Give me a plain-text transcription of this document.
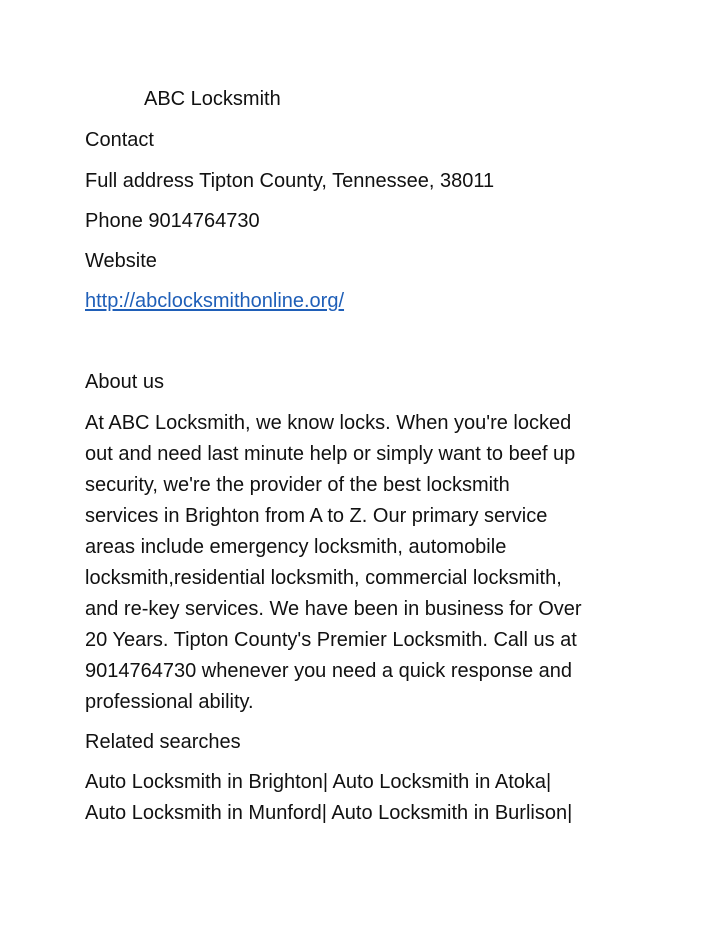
ABC Locksmith
Contact
Full address Tipton County, Tennessee, 38011
Phone 9014764730
Website
http://abclocksmithonline.org/
About us
At ABC Locksmith, we know locks. When you're locked
out and need last minute help or simply want to beef up
security, we're the provider of the best locksmith
services in Brighton from A to Z. Our primary service
areas include emergency locksmith, automobile
locksmith,residential locksmith, commercial locksmith,
and re-key services. We have been in business for Over
20 Years. Tipton County's Premier Locksmith. Call us at
9014764730 whenever you need a quick response and
professional ability.
Related searches
Auto Locksmith in Brighton| Auto Locksmith in Atoka|
Auto Locksmith in Munford| Auto Locksmith in Burlison|
